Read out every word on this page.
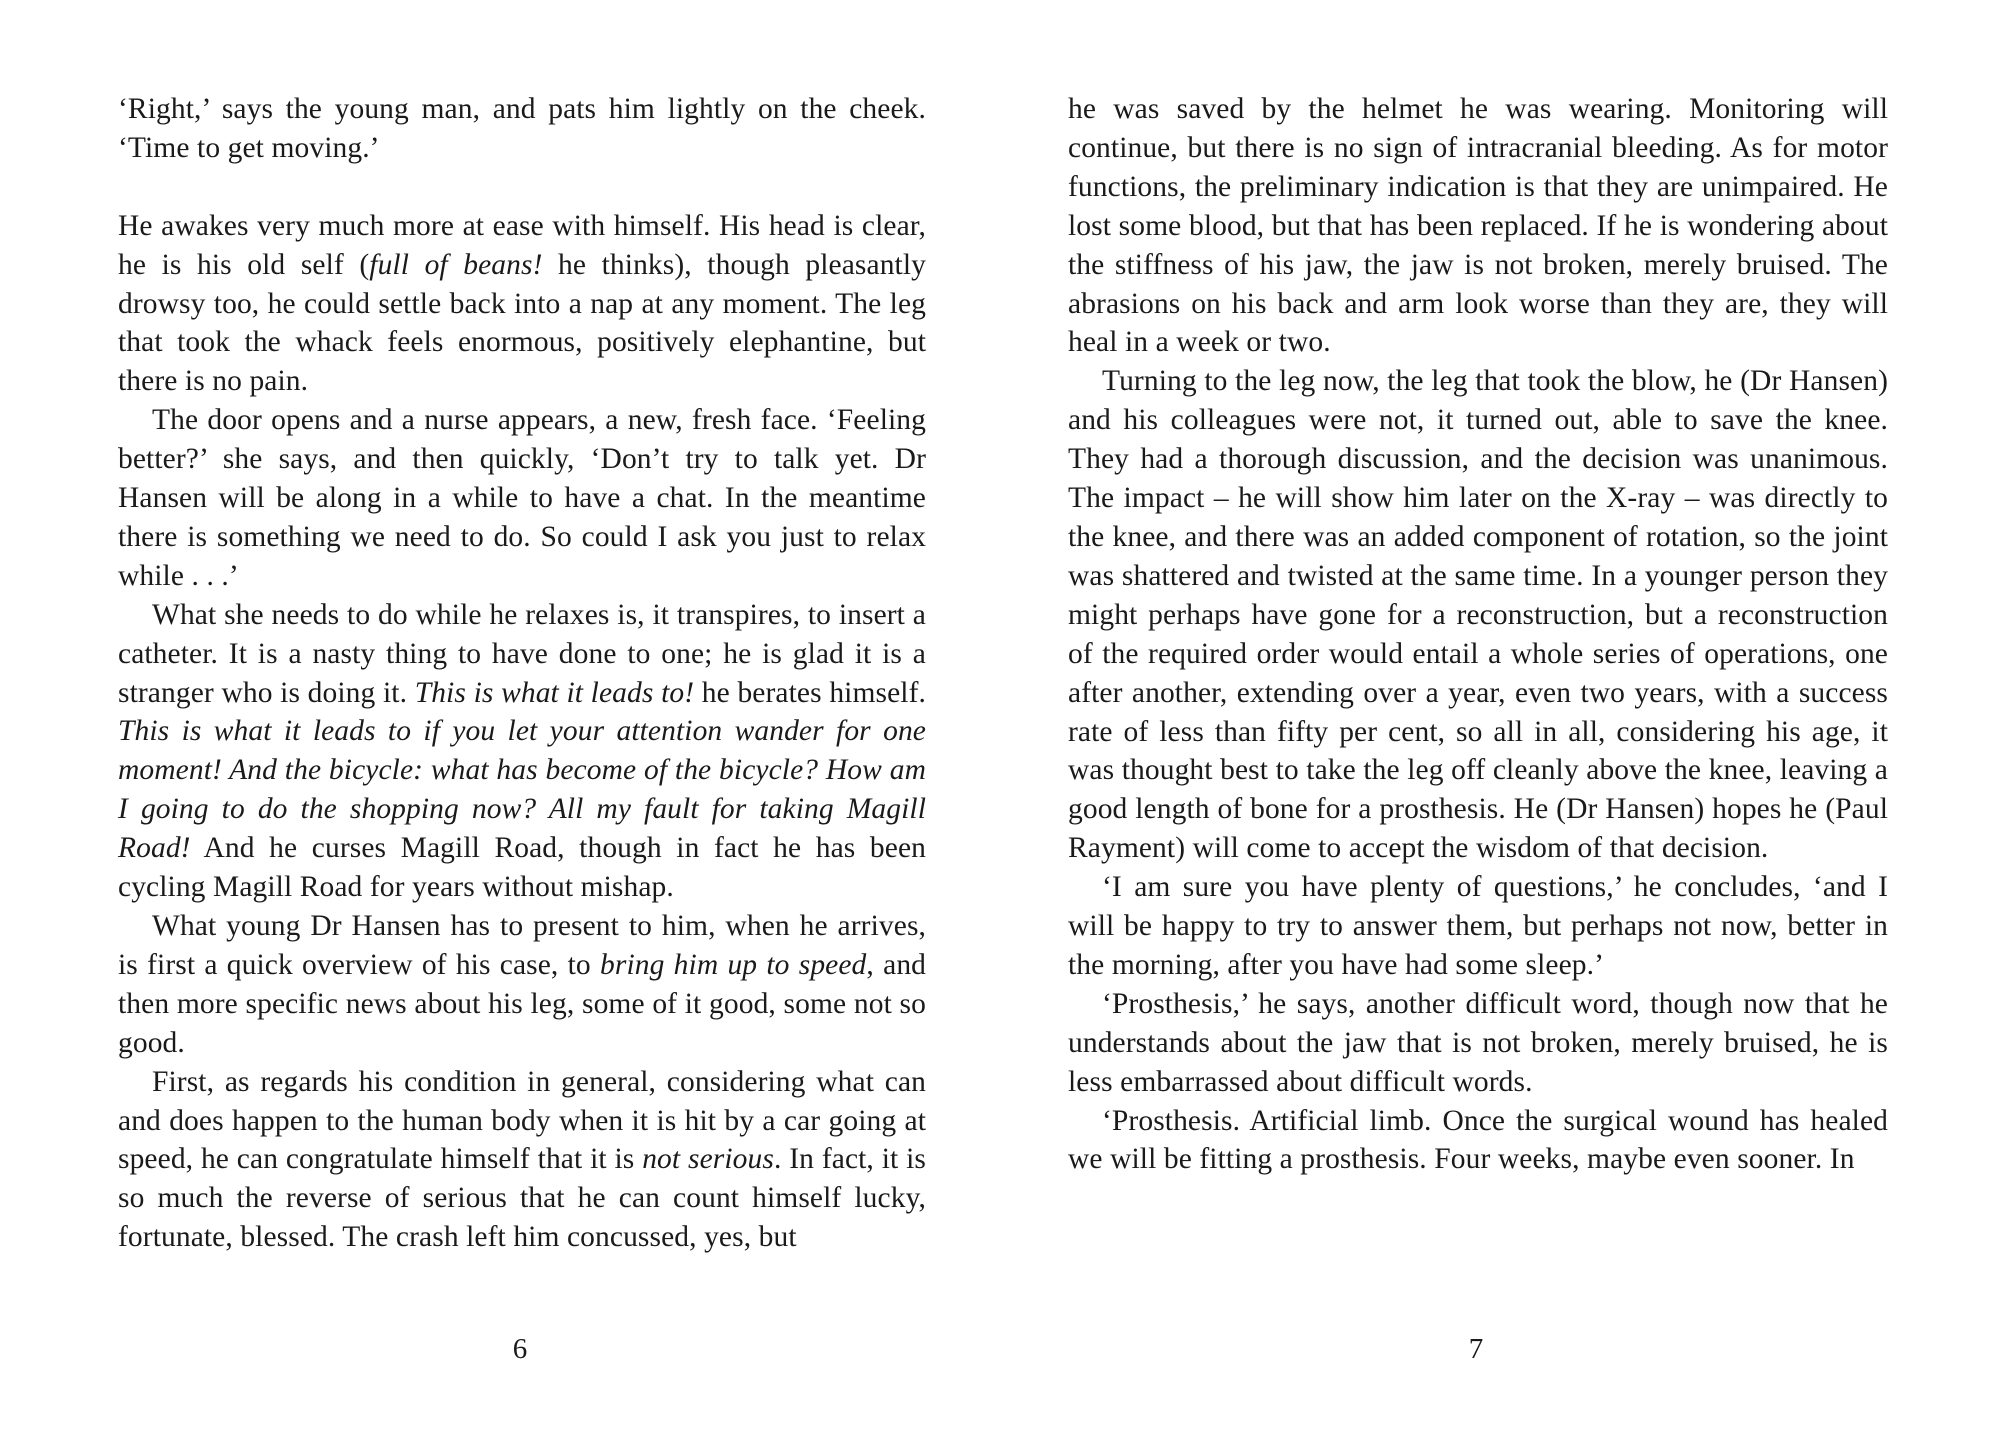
‘Right,’ says the young man, and pats him lightly on the cheek. ‘Time to get moving.’

He awakes very much more at ease with himself. His head is clear, he is his old self (full of beans! he thinks), though pleasantly drowsy too, he could settle back into a nap at any moment. The leg that took the whack feels enormous, positively elephantine, but there is no pain.

The door opens and a nurse appears, a new, fresh face. ‘Feeling better?’ she says, and then quickly, ‘Don’t try to talk yet. Dr Hansen will be along in a while to have a chat. In the meantime there is something we need to do. So could I ask you just to relax while . . .’

What she needs to do while he relaxes is, it transpires, to insert a catheter. It is a nasty thing to have done to one; he is glad it is a stranger who is doing it. This is what it leads to! he berates himself. This is what it leads to if you let your attention wander for one moment! And the bicycle: what has become of the bicycle? How am I going to do the shopping now? All my fault for taking Magill Road! And he curses Magill Road, though in fact he has been cycling Magill Road for years without mishap.

What young Dr Hansen has to present to him, when he arrives, is first a quick overview of his case, to bring him up to speed, and then more specific news about his leg, some of it good, some not so good.

First, as regards his condition in general, considering what can and does happen to the human body when it is hit by a car going at speed, he can congratulate himself that it is not serious. In fact, it is so much the reverse of serious that he can count himself lucky, fortunate, blessed. The crash left him concussed, yes, but

6

he was saved by the helmet he was wearing. Monitoring will continue, but there is no sign of intracranial bleeding. As for motor functions, the preliminary indication is that they are unimpaired. He lost some blood, but that has been replaced. If he is wondering about the stiffness of his jaw, the jaw is not broken, merely bruised. The abrasions on his back and arm look worse than they are, they will heal in a week or two.

Turning to the leg now, the leg that took the blow, he (Dr Hansen) and his colleagues were not, it turned out, able to save the knee. They had a thorough discussion, and the decision was unanimous. The impact – he will show him later on the X-ray – was directly to the knee, and there was an added component of rotation, so the joint was shattered and twisted at the same time. In a younger person they might perhaps have gone for a reconstruction, but a reconstruction of the required order would entail a whole series of operations, one after another, extending over a year, even two years, with a success rate of less than fifty per cent, so all in all, considering his age, it was thought best to take the leg off cleanly above the knee, leaving a good length of bone for a prosthesis. He (Dr Hansen) hopes he (Paul Rayment) will come to accept the wisdom of that decision.

‘I am sure you have plenty of questions,’ he concludes, ‘and I will be happy to try to answer them, but perhaps not now, better in the morning, after you have had some sleep.’

‘Prosthesis,’ he says, another difficult word, though now that he understands about the jaw that is not broken, merely bruised, he is less embarrassed about difficult words.

‘Prosthesis. Artificial limb. Once the surgical wound has healed we will be fitting a prosthesis. Four weeks, maybe even sooner. In

7
